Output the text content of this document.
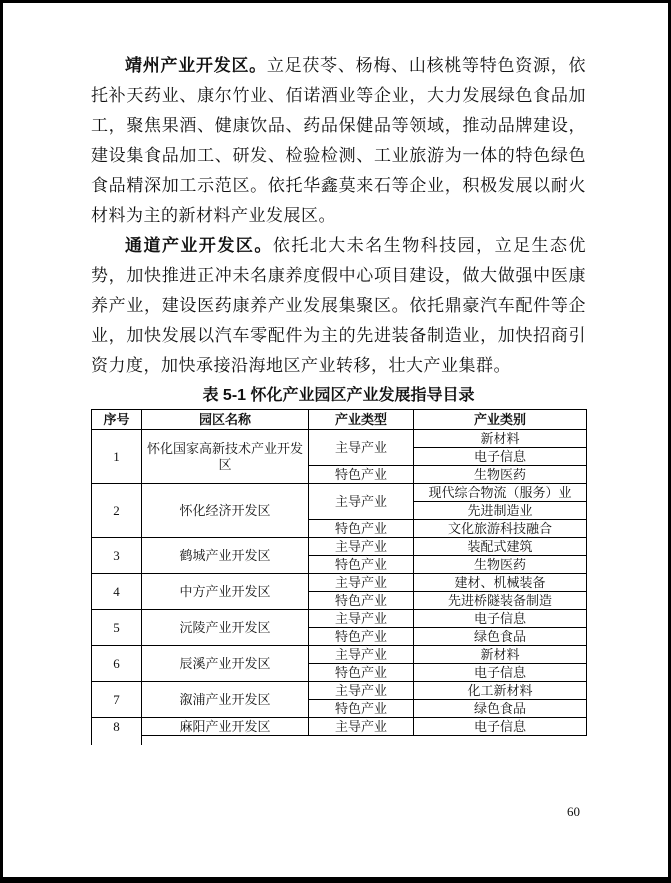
靖州产业开发区。立足茯苓、杨梅、山核桃等特色资源，依托补天药业、康尔竹业、佰诺酒业等企业，大力发展绿色食品加工，聚焦果酒、健康饮品、药品保健品等领域，推动品牌建设，建设集食品加工、研发、检验检测、工业旅游为一体的特色绿色食品精深加工示范区。依托华鑫莫来石等企业，积极发展以耐火材料为主的新材料产业发展区。

通道产业开发区。依托北大未名生物科技园，立足生态优势，加快推进正冲未名康养度假中心项目建设，做大做强中医康养产业，建设医药康养产业发展集聚区。依托鼎豪汽车配件等企业，加快发展以汽车零配件为主的先进装备制造业，加快招商引资力度，加快承接沿海地区产业转移，壮大产业集群。

表 5-1 怀化产业园区产业发展指导目录
序号	园区名称	产业类型	产业类别
1	怀化国家高新技术产业开发区	主导产业	新材料
			电子信息
		特色产业	生物医药
2	怀化经济开发区	主导产业	现代综合物流（服务）业
			先进制造业
		特色产业	文化旅游科技融合
3	鹤城产业开发区	主导产业	装配式建筑
		特色产业	生物医药
4	中方产业开发区	主导产业	建材、机械装备
		特色产业	先进桥隧装备制造
5	沅陵产业开发区	主导产业	电子信息
		特色产业	绿色食品
6	辰溪产业开发区	主导产业	新材料
		特色产业	电子信息
7	溆浦产业开发区	主导产业	化工新材料
		特色产业	绿色食品
8	麻阳产业开发区	主导产业	电子信息
60
